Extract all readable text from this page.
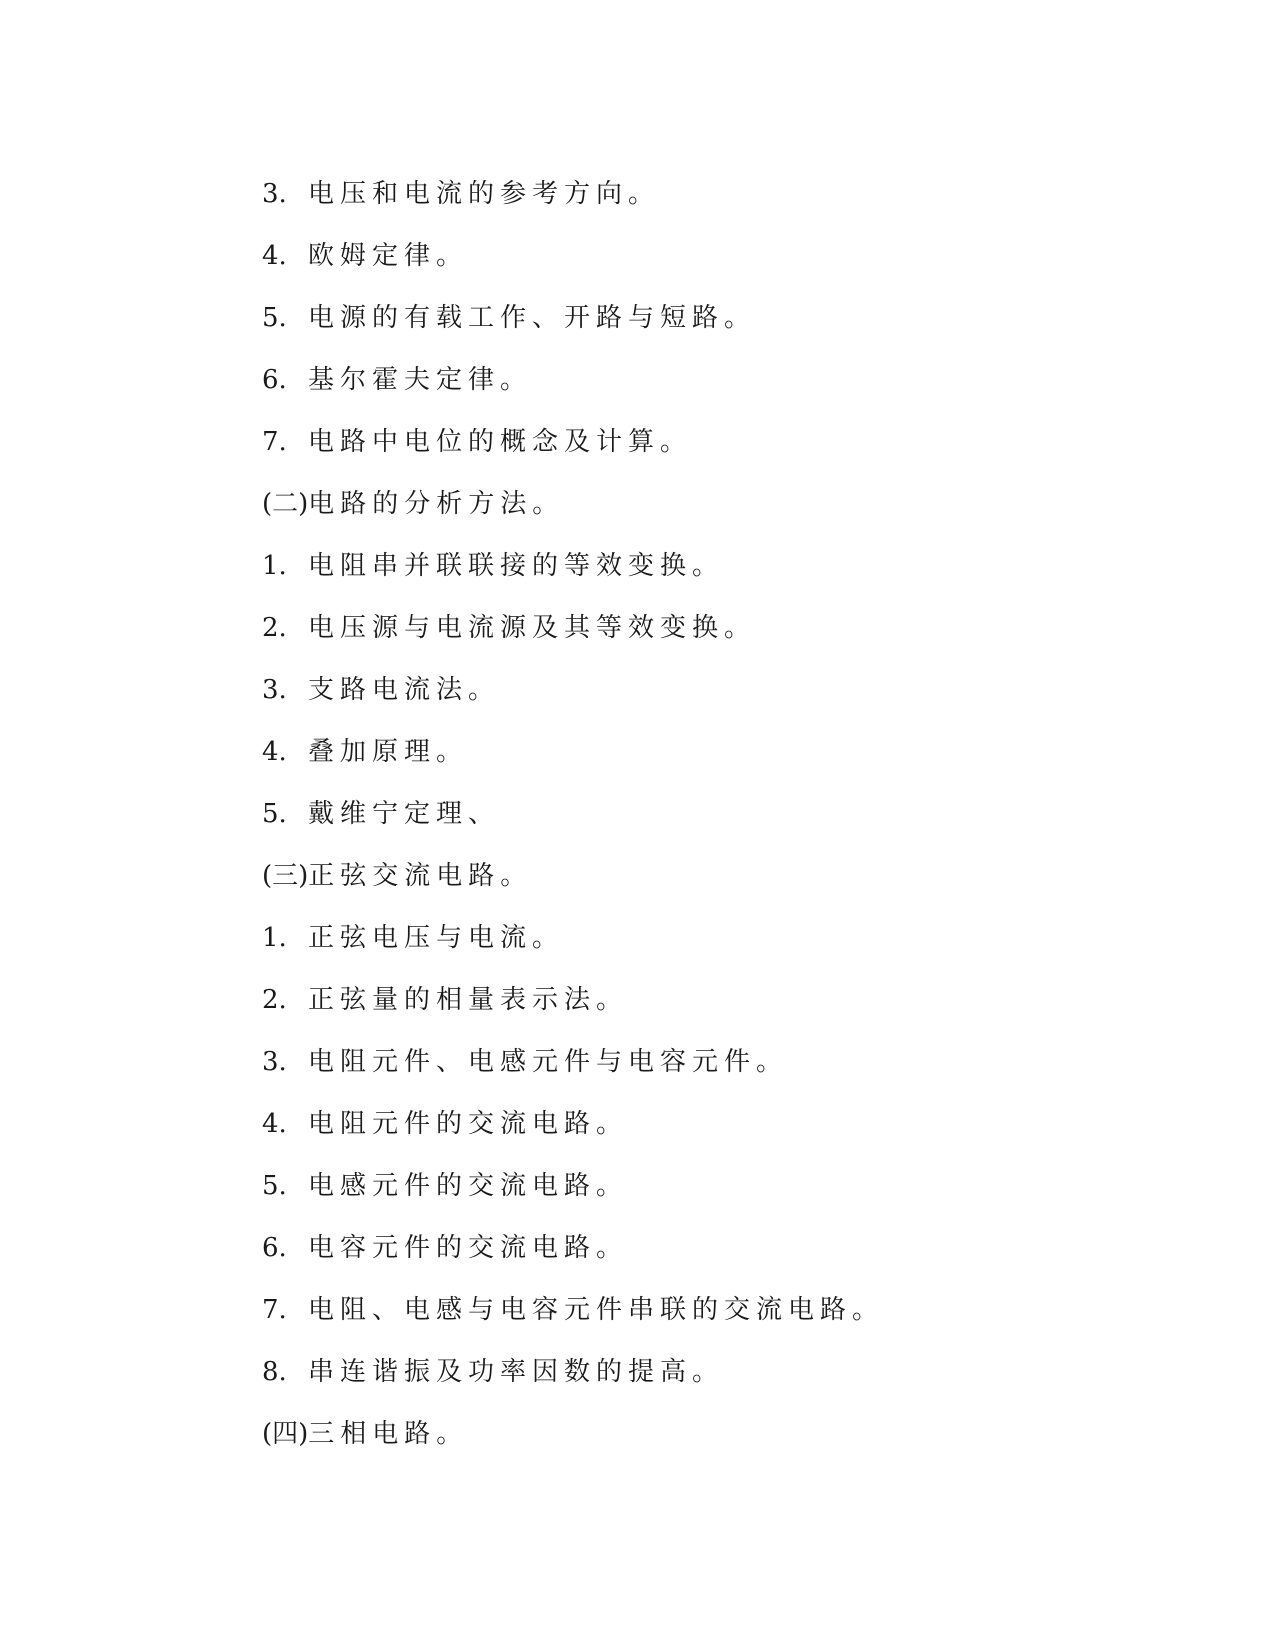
3. 电压和电流的参考方向。
4. 欧姆定律。
5. 电源的有载工作、开路与短路。
6. 基尔霍夫定律。
7. 电路中电位的概念及计算。
(二)电路的分析方法。
1. 电阻串并联联接的等效变换。
2. 电压源与电流源及其等效变换。
3. 支路电流法。
4. 叠加原理。
5. 戴维宁定理、
(三)正弦交流电路。
1. 正弦电压与电流。
2. 正弦量的相量表示法。
3. 电阻元件、电感元件与电容元件。
4. 电阻元件的交流电路。
5. 电感元件的交流电路。
6. 电容元件的交流电路。
7. 电阻、电感与电容元件串联的交流电路。
8. 串连谐振及功率因数的提高。
(四)三相电路。
